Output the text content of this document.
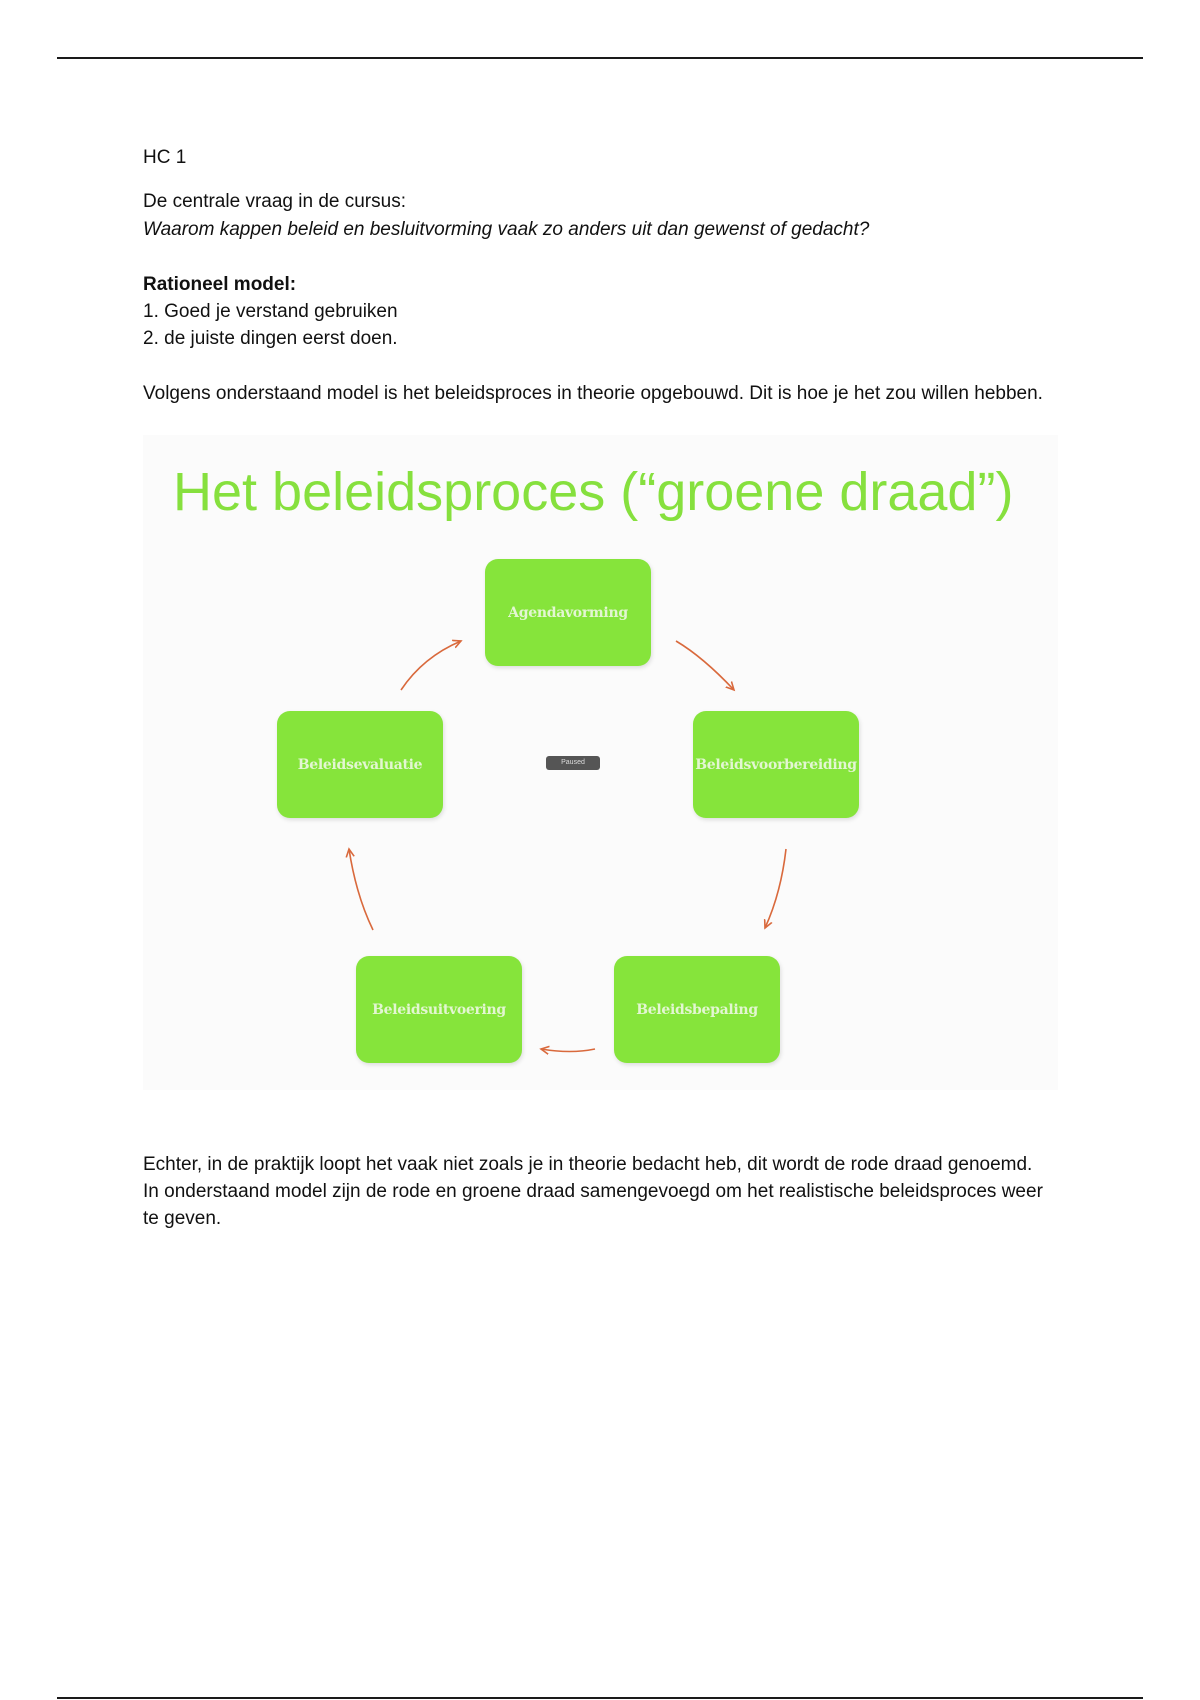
HC 1
De centrale vraag in de cursus:
Waarom kappen beleid en besluitvorming vaak zo anders uit dan gewenst of gedacht?
Rationeel model:
1. Goed je verstand gebruiken
2. de juiste dingen eerst doen.
Volgens onderstaand model is het beleidsproces in theorie opgebouwd. Dit is hoe je het zou willen hebben.
Het beleidsproces (“groene draad”)
Agendavorming
Beleidsvoorbereiding
Beleidsbepaling
Beleidsuitvoering
Beleidsevaluatie	Paused
Echter, in de praktijk loopt het vaak niet zoals je in theorie bedacht heb, dit wordt de rode draad genoemd. In onderstaand model zijn de rode en groene draad samengevoegd om het realistische beleidsproces weer te geven.
